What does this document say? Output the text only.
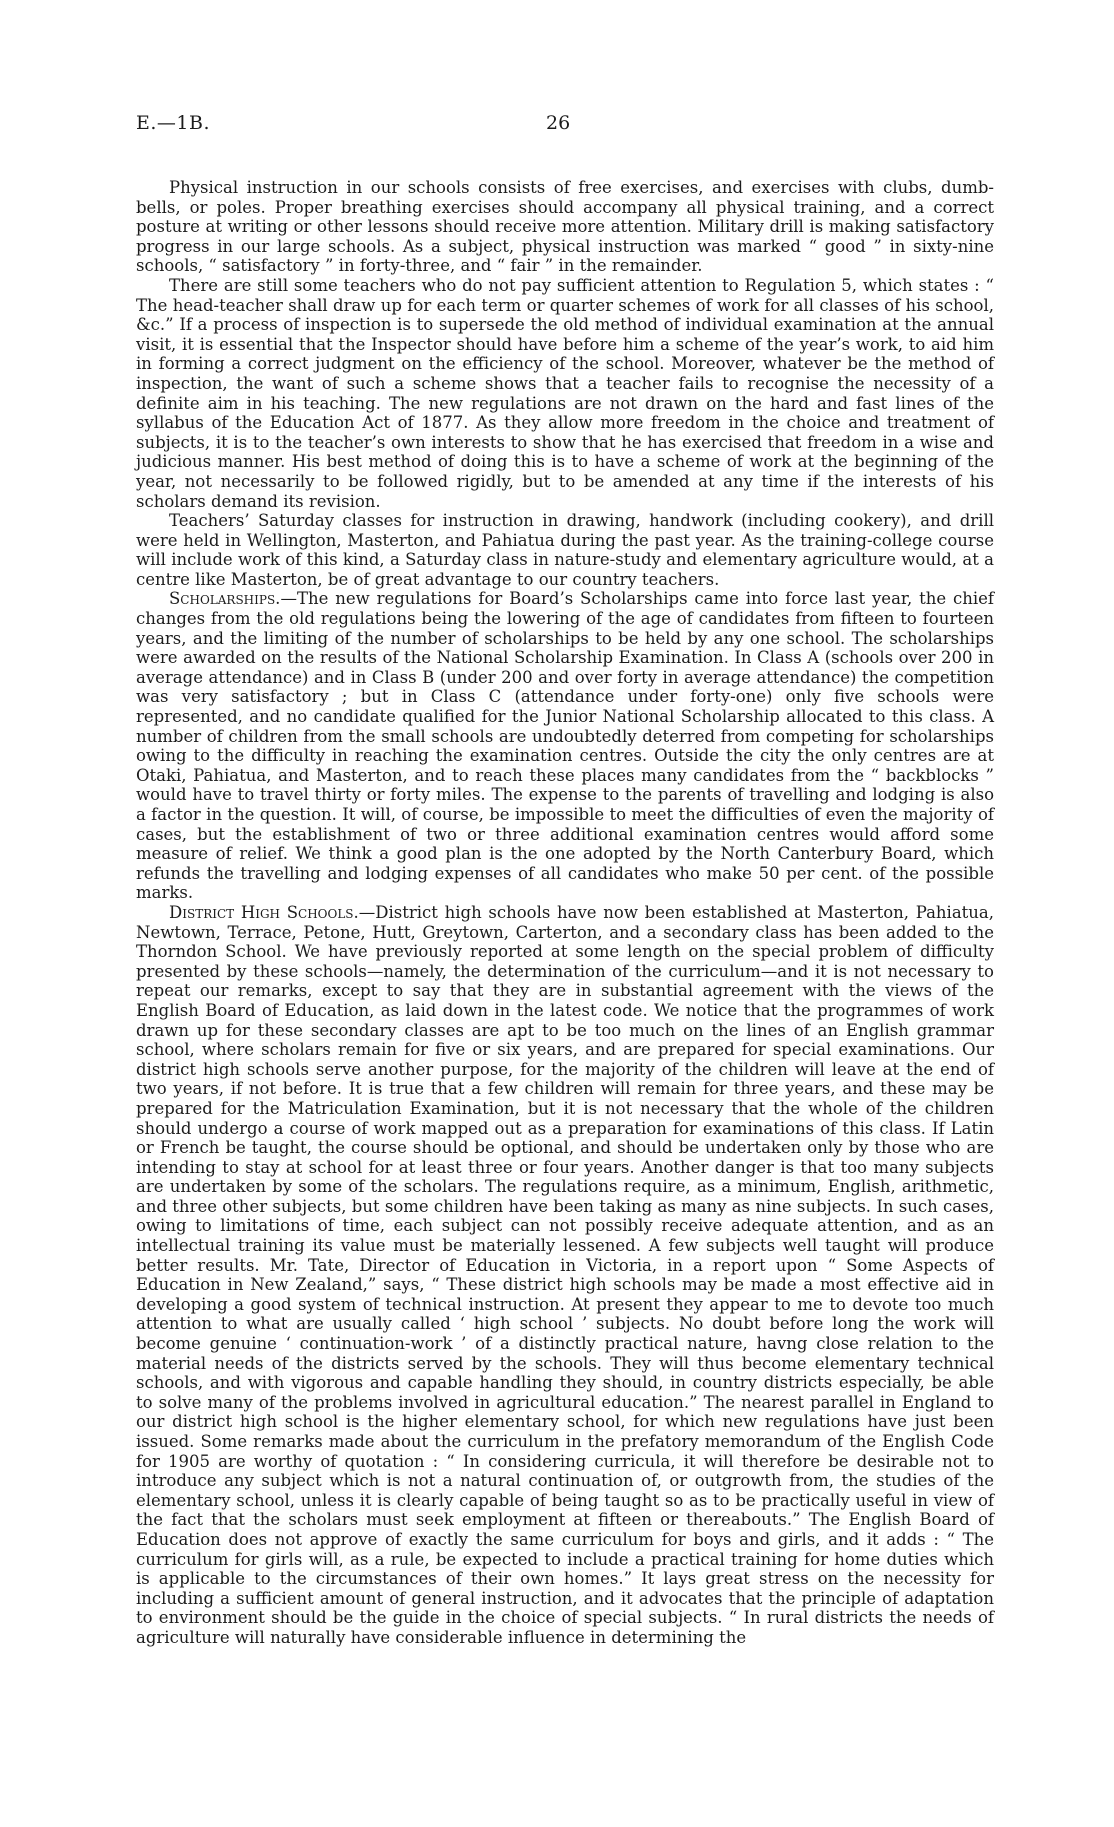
E.—1B.	26

Physical instruction in our schools consists of free exercises, and exercises with clubs, dumb-bells, or poles. Proper breathing exercises should accompany all physical training, and a correct posture at writing or other lessons should receive more attention. Military drill is making satisfactory progress in our large schools. As a subject, physical instruction was marked “ good ” in sixty-nine schools, “ satisfactory ” in forty-three, and “ fair ” in the remainder.

There are still some teachers who do not pay sufficient attention to Regulation 5, which states : “ The head-teacher shall draw up for each term or quarter schemes of work for all classes of his school, &c.” If a process of inspection is to supersede the old method of individual examination at the annual visit, it is essential that the Inspector should have before him a scheme of the year’s work, to aid him in forming a correct judgment on the efficiency of the school. Moreover, whatever be the method of inspection, the want of such a scheme shows that a teacher fails to recognise the necessity of a definite aim in his teaching. The new regulations are not drawn on the hard and fast lines of the syllabus of the Education Act of 1877. As they allow more freedom in the choice and treatment of subjects, it is to the teacher’s own interests to show that he has exercised that freedom in a wise and judicious manner. His best method of doing this is to have a scheme of work at the beginning of the year, not necessarily to be followed rigidly, but to be amended at any time if the interests of his scholars demand its revision.

Teachers’ Saturday classes for instruction in drawing, handwork (including cookery), and drill were held in Wellington, Masterton, and Pahiatua during the past year. As the training-college course will include work of this kind, a Saturday class in nature-study and elementary agriculture would, at a centre like Masterton, be of great advantage to our country teachers.

Scholarships.—The new regulations for Board’s Scholarships came into force last year, the chief changes from the old regulations being the lowering of the age of candidates from fifteen to fourteen years, and the limiting of the number of scholarships to be held by any one school. The scholarships were awarded on the results of the National Scholarship Examination. In Class A (schools over 200 in average attendance) and in Class B (under 200 and over forty in average attendance) the competition was very satisfactory ; but in Class C (attendance under forty-one) only five schools were represented, and no candidate qualified for the Junior National Scholarship allocated to this class. A number of children from the small schools are undoubtedly deterred from competing for scholarships owing to the difficulty in reaching the examination centres. Outside the city the only centres are at Otaki, Pahiatua, and Masterton, and to reach these places many candidates from the “ backblocks ” would have to travel thirty or forty miles. The expense to the parents of travelling and lodging is also a factor in the question. It will, of course, be impossible to meet the difficulties of even the majority of cases, but the establishment of two or three additional examination centres would afford some measure of relief. We think a good plan is the one adopted by the North Canterbury Board, which refunds the travelling and lodging expenses of all candidates who make 50 per cent. of the possible marks.

District High Schools.—District high schools have now been established at Masterton, Pahiatua, Newtown, Terrace, Petone, Hutt, Greytown, Carterton, and a secondary class has been added to the Thorndon School. We have previously reported at some length on the special problem of difficulty presented by these schools—namely, the determination of the curriculum—and it is not necessary to repeat our remarks, except to say that they are in substantial agreement with the views of the English Board of Education, as laid down in the latest code. We notice that the programmes of work drawn up for these secondary classes are apt to be too much on the lines of an English grammar school, where scholars remain for five or six years, and are prepared for special examinations. Our district high schools serve another purpose, for the majority of the children will leave at the end of two years, if not before. It is true that a few children will remain for three years, and these may be prepared for the Matriculation Examination, but it is not necessary that the whole of the children should undergo a course of work mapped out as a preparation for examinations of this class. If Latin or French be taught, the course should be optional, and should be undertaken only by those who are intending to stay at school for at least three or four years. Another danger is that too many subjects are undertaken by some of the scholars. The regulations require, as a minimum, English, arithmetic, and three other subjects, but some children have been taking as many as nine subjects. In such cases, owing to limitations of time, each subject can not possibly receive adequate attention, and as an intellectual training its value must be materially lessened. A few subjects well taught will produce better results. Mr. Tate, Director of Education in Victoria, in a report upon “ Some Aspects of Education in New Zealand,” says, “ These district high schools may be made a most effective aid in developing a good system of technical instruction. At present they appear to me to devote too much attention to what are usually called ‘ high school ’ subjects. No doubt before long the work will become genuine ‘ continuation-work ’ of a distinctly practical nature, havng close relation to the material needs of the districts served by the schools. They will thus become elementary technical schools, and with vigorous and capable handling they should, in country districts especially, be able to solve many of the problems involved in agricultural education.” The nearest parallel in England to our district high school is the higher elementary school, for which new regulations have just been issued. Some remarks made about the curriculum in the prefatory memorandum of the English Code for 1905 are worthy of quotation : “ In considering curricula, it will therefore be desirable not to introduce any subject which is not a natural continuation of, or outgrowth from, the studies of the elementary school, unless it is clearly capable of being taught so as to be practically useful in view of the fact that the scholars must seek employment at fifteen or thereabouts.” The English Board of Education does not approve of exactly the same curriculum for boys and girls, and it adds : “ The curriculum for girls will, as a rule, be expected to include a practical training for home duties which is applicable to the circumstances of their own homes.” It lays great stress on the necessity for including a sufficient amount of general instruction, and it advocates that the principle of adaptation to environment should be the guide in the choice of special subjects. “ In rural districts the needs of agriculture will naturally have considerable influence in determining the
